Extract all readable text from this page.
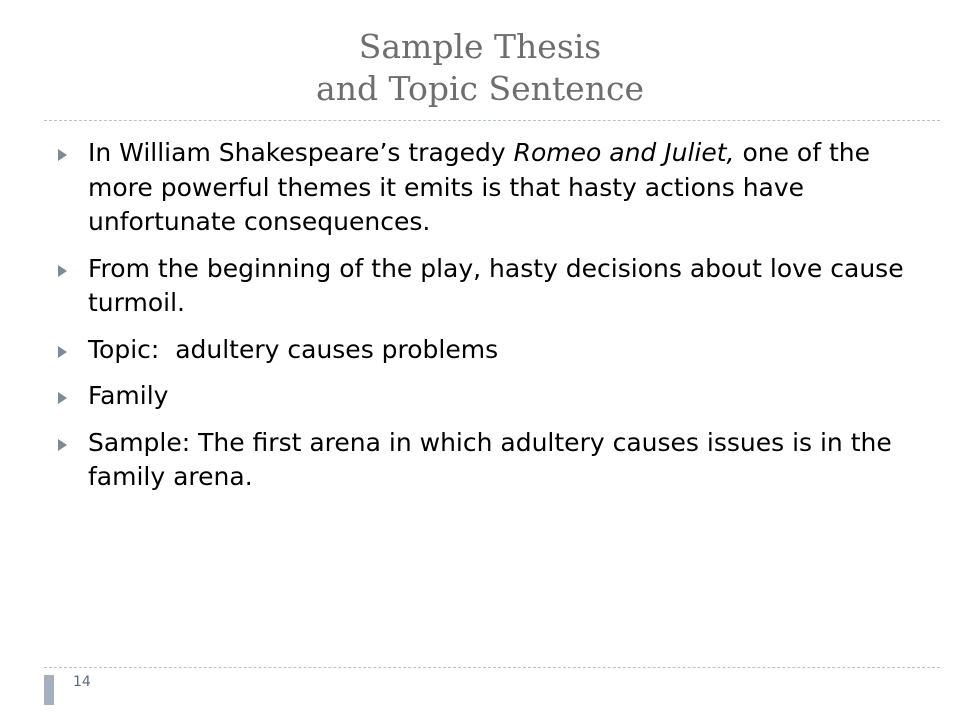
Sample Thesis
and Topic Sentence
In William Shakespeare’s tragedy Romeo and Juliet, one of the more powerful themes it emits is that hasty actions have unfortunate consequences.
From the beginning of the play, hasty decisions about love cause turmoil.
Topic:  adultery causes problems
Family
Sample: The first arena in which adultery causes issues is in the family arena.
14
